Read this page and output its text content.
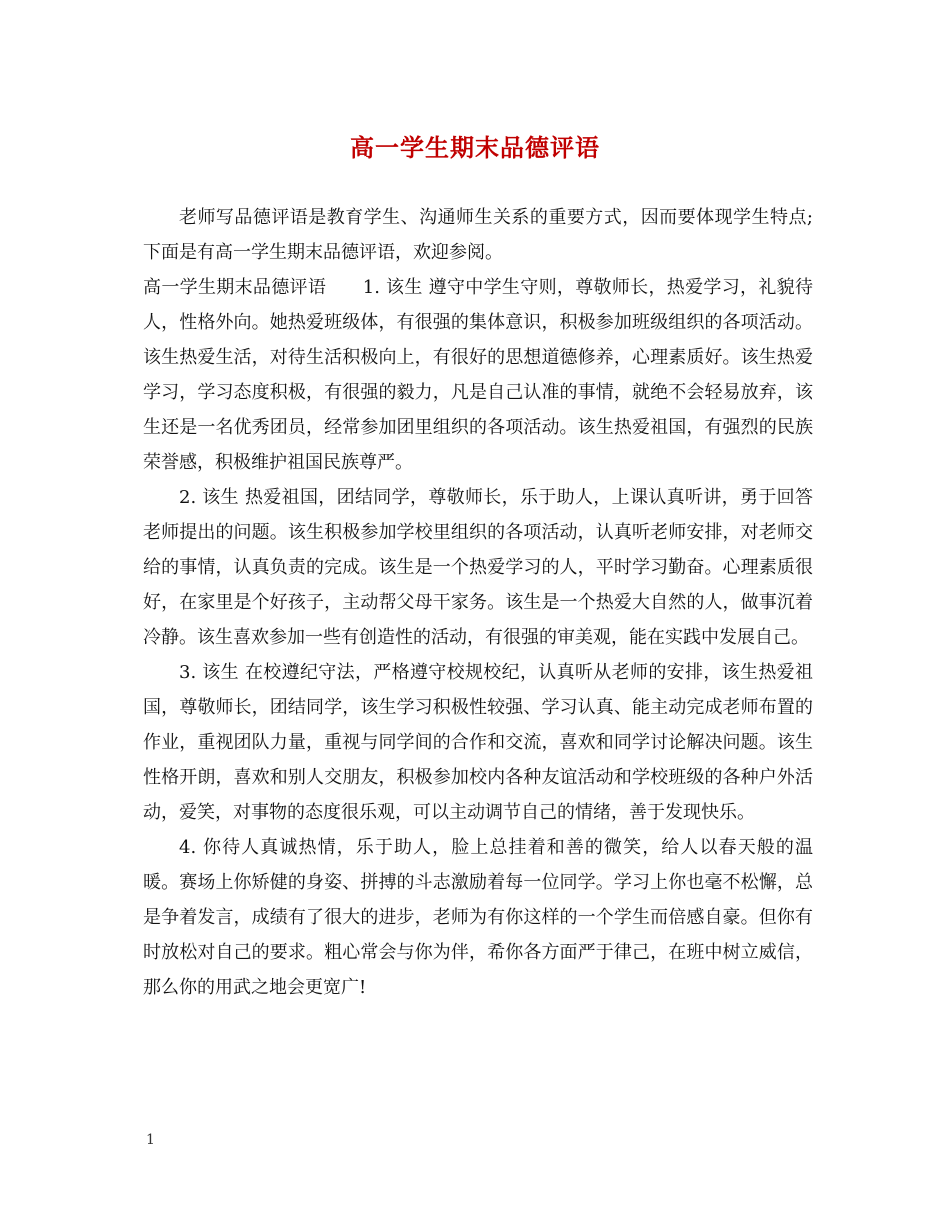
高一学生期末品德评语

老师写品德评语是教育学生、沟通师生关系的重要方式，因而要体现学生特点;下面是有高一学生期末品德评语，欢迎参阅。

高一学生期末品德评语　　1. 该生 遵守中学生守则，尊敬师长，热爱学习，礼貌待人，性格外向。她热爱班级体，有很强的集体意识，积极参加班级组织的各项活动。该生热爱生活，对待生活积极向上，有很好的思想道德修养，心理素质好。该生热爱学习，学习态度积极，有很强的毅力，凡是自己认准的事情，就绝不会轻易放弃，该生还是一名优秀团员，经常参加团里组织的各项活动。该生热爱祖国，有强烈的民族荣誉感，积极维护祖国民族尊严。

2. 该生 热爱祖国，团结同学，尊敬师长，乐于助人，上课认真听讲，勇于回答老师提出的问题。该生积极参加学校里组织的各项活动，认真听老师安排，对老师交给的事情，认真负责的完成。该生是一个热爱学习的人，平时学习勤奋。心理素质很好，在家里是个好孩子，主动帮父母干家务。该生是一个热爱大自然的人，做事沉着冷静。该生喜欢参加一些有创造性的活动，有很强的审美观，能在实践中发展自己。

3. 该生 在校遵纪守法，严格遵守校规校纪，认真听从老师的安排，该生热爱祖国，尊敬师长，团结同学，该生学习积极性较强、学习认真、能主动完成老师布置的作业，重视团队力量，重视与同学间的合作和交流，喜欢和同学讨论解决问题。该生性格开朗，喜欢和别人交朋友，积极参加校内各种友谊活动和学校班级的各种户外活动，爱笑，对事物的态度很乐观，可以主动调节自己的情绪，善于发现快乐。

4. 你待人真诚热情，乐于助人，脸上总挂着和善的微笑，给人以春天般的温暖。赛场上你矫健的身姿、拼搏的斗志激励着每一位同学。学习上你也毫不松懈，总是争着发言，成绩有了很大的进步，老师为有你这样的一个学生而倍感自豪。但你有时放松对自己的要求。粗心常会与你为伴，希你各方面严于律己，在班中树立威信，那么你的用武之地会更宽广!

1
